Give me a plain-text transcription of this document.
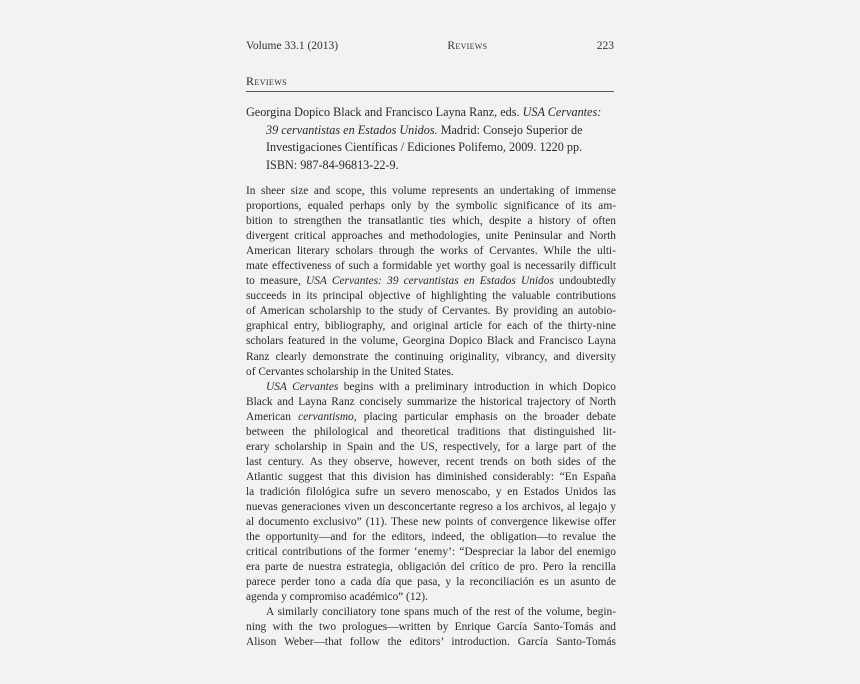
Volume 33.1 (2013)	Reviews	223
Reviews
Georgina Dopico Black and Francisco Layna Ranz, eds. USA Cervantes:
39 cervantistas en Estados Unidos. Madrid: Consejo Superior de
Investigaciones Científicas / Ediciones Polifemo, 2009. 1220 pp.
ISBN: 987-84-96813-22-9.
In sheer size and scope, this volume represents an undertaking of immense
proportions, equaled perhaps only by the symbolic significance of its am-
bition to strengthen the transatlantic ties which, despite a history of often
divergent critical approaches and methodologies, unite Peninsular and North
American literary scholars through the works of Cervantes. While the ulti-
mate effectiveness of such a formidable yet worthy goal is necessarily difficult
to measure, USA Cervantes: 39 cervantistas en Estados Unidos undoubtedly
succeeds in its principal objective of highlighting the valuable contributions
of American scholarship to the study of Cervantes. By providing an autobio-
graphical entry, bibliography, and original article for each of the thirty-nine
scholars featured in the volume, Georgina Dopico Black and Francisco Layna
Ranz clearly demonstrate the continuing originality, vibrancy, and diversity
of Cervantes scholarship in the United States.
USA Cervantes begins with a preliminary introduction in which Dopico
Black and Layna Ranz concisely summarize the historical trajectory of North
American cervantismo, placing particular emphasis on the broader debate
between the philological and theoretical traditions that distinguished lit-
erary scholarship in Spain and the US, respectively, for a large part of the
last century. As they observe, however, recent trends on both sides of the
Atlantic suggest that this division has diminished considerably: “En España
la tradición filológica sufre un severo menoscabo, y en Estados Unidos las
nuevas generaciones viven un desconcertante regreso a los archivos, al legajo y
al documento exclusivo” (11). These new points of convergence likewise offer
the opportunity—and for the editors, indeed, the obligation—to revalue the
critical contributions of the former ‘enemy’: “Despreciar la labor del enemigo
era parte de nuestra estrategia, obligación del crítico de pro. Pero la rencilla
parece perder tono a cada día que pasa, y la reconciliación es un asunto de
agenda y compromiso académico” (12).
A similarly conciliatory tone spans much of the rest of the volume, begin-
ning with the two prologues—written by Enrique García Santo-Tomás and
Alison Weber—that follow the editors’ introduction. García Santo-Tomás
